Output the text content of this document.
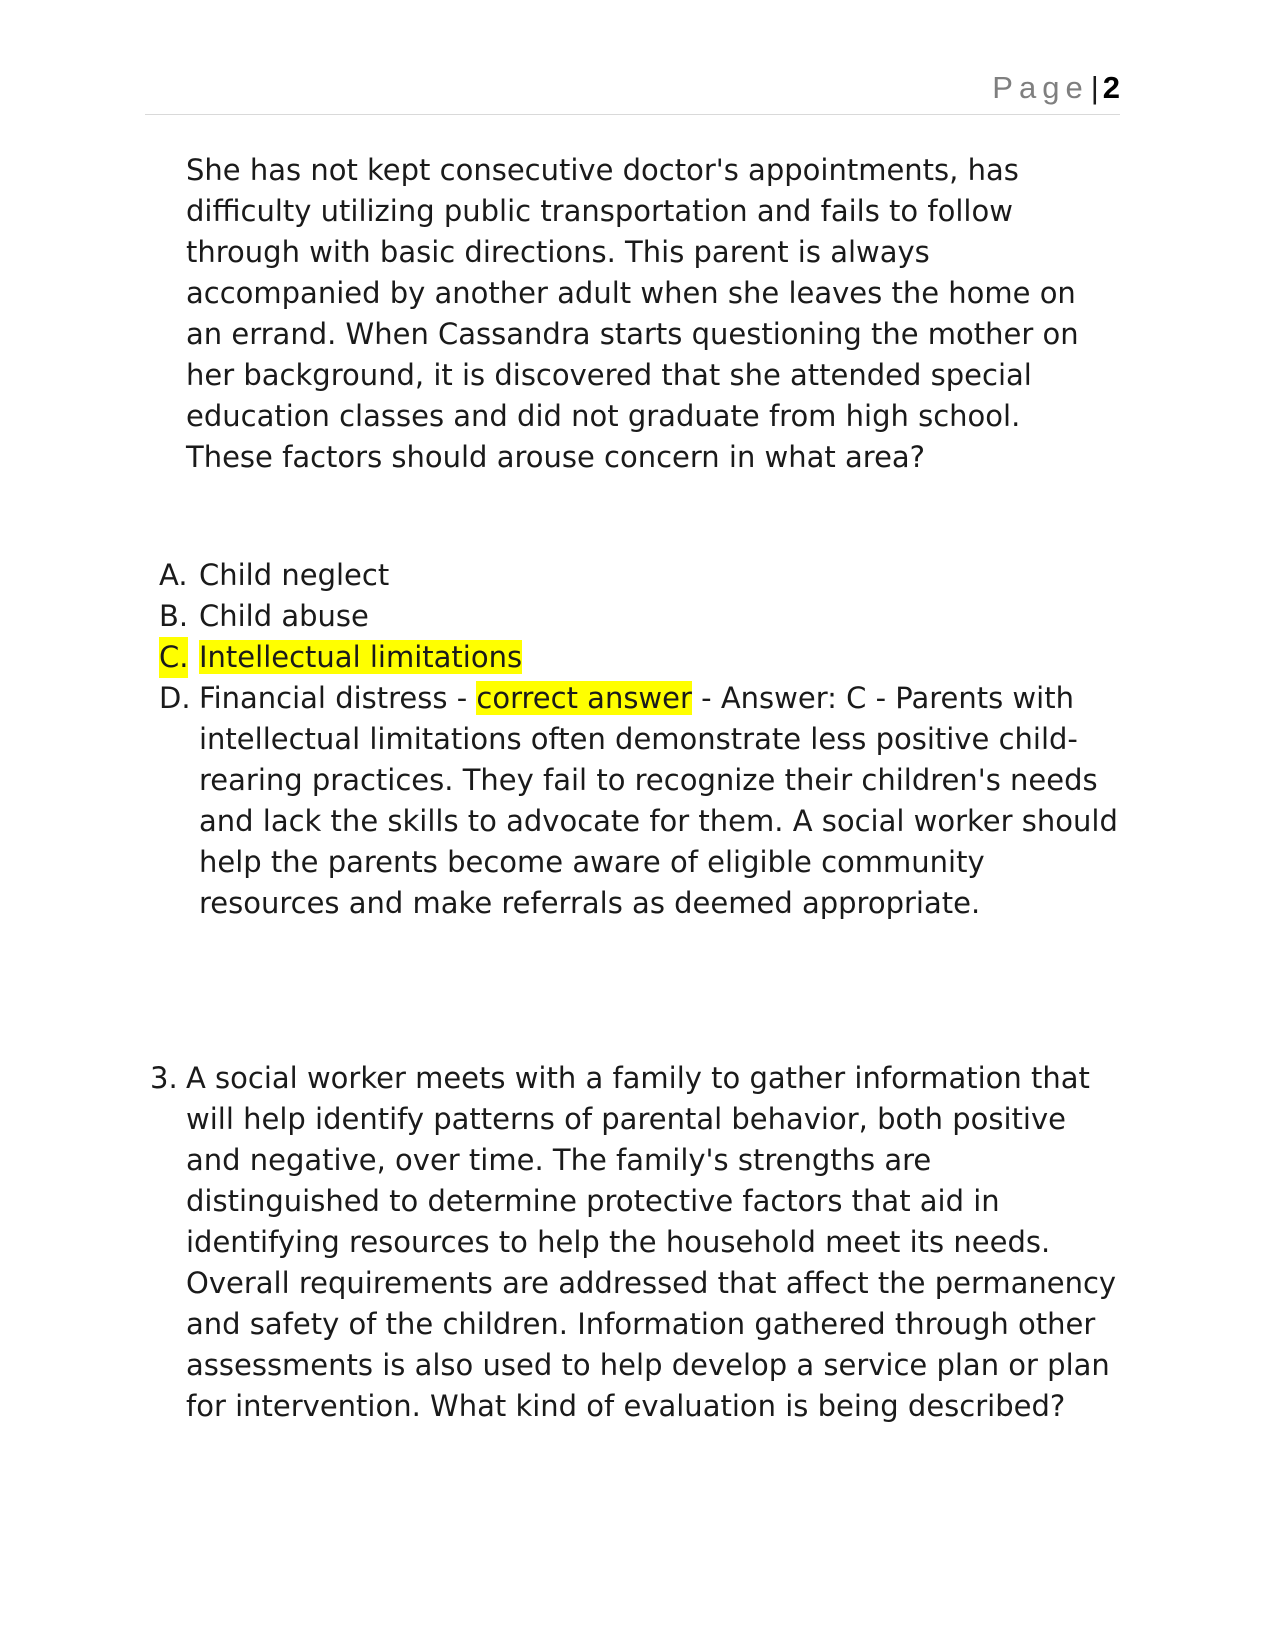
Page| 2
She has not kept consecutive doctor's appointments, has difficulty utilizing public transportation and fails to follow through with basic directions. This parent is always accompanied by another adult when she leaves the home on an errand. When Cassandra starts questioning the mother on her background, it is discovered that she attended special education classes and did not graduate from high school. These factors should arouse concern in what area?
A. Child neglect
B. Child abuse
C. Intellectual limitations
D. Financial distress - correct answer - Answer: C - Parents with intellectual limitations often demonstrate less positive child-rearing practices. They fail to recognize their children's needs and lack the skills to advocate for them. A social worker should help the parents become aware of eligible community resources and make referrals as deemed appropriate.
3. A social worker meets with a family to gather information that will help identify patterns of parental behavior, both positive and negative, over time. The family's strengths are distinguished to determine protective factors that aid in identifying resources to help the household meet its needs. Overall requirements are addressed that affect the permanency and safety of the children. Information gathered through other assessments is also used to help develop a service plan or plan for intervention. What kind of evaluation is being described?
